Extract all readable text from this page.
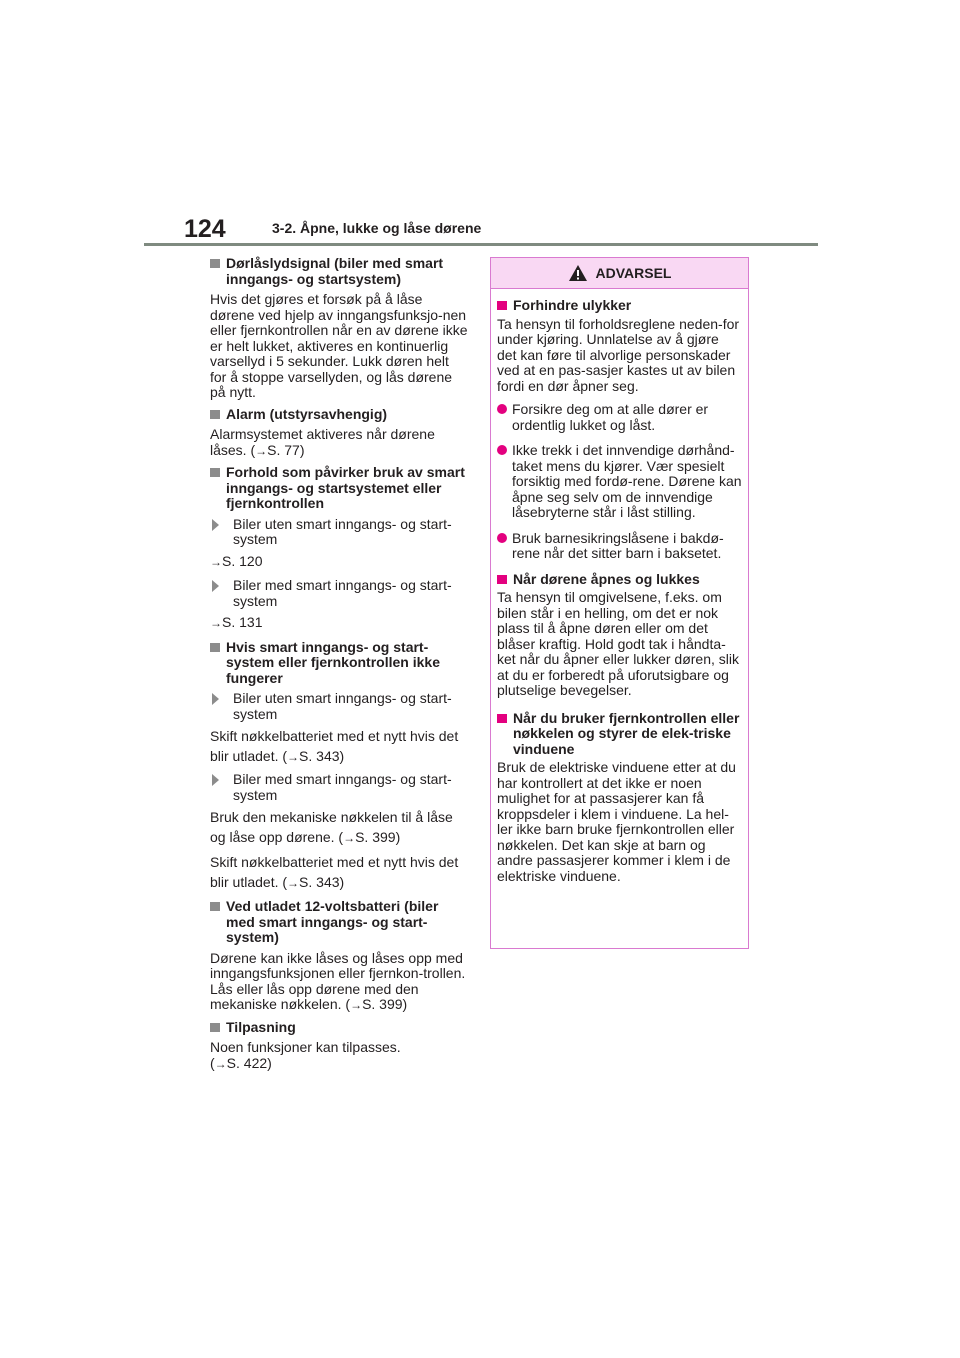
124	3-2. Åpne, lukke og låse dørene
Dørlåslydsignal (biler med smart inngangs- og startsystem)

Hvis det gjøres et forsøk på å låse dørene ved hjelp av inngangsfunksjo-nen eller fjernkontrollen når en av dørene ikke er helt lukket, aktiveres en kontinuerlig varsellyd i 5 sekunder. Lukk døren helt for å stoppe varsellyden, og lås dørene på nytt.

Alarm (utstyrsavhengig)

Alarmsystemet aktiveres når dørene låses. (→S. 77)

Forhold som påvirker bruk av smart inngangs- og startsystemet eller fjernkontrollen
Biler uten smart inngangs- og start-system
→S. 120
Biler med smart inngangs- og start-system
→S. 131
Hvis smart inngangs- og start-system eller fjernkontrollen ikke fungerer
Biler uten smart inngangs- og start-system

Skift nøkkelbatteriet med et nytt hvis det blir utladet. (→S. 343)

Biler med smart inngangs- og start-system

Bruk den mekaniske nøkkelen til å låse og låse opp dørene. (→S. 399)

Skift nøkkelbatteriet med et nytt hvis det blir utladet. (→S. 343)

Ved utladet 12-voltsbatteri (biler med smart inngangs- og start-system)

Dørene kan ikke låses og låses opp med inngangsfunksjonen eller fjernkon-trollen. Lås eller lås opp dørene med den mekaniske nøkkelen. (→S. 399)

Tilpasning

Noen funksjoner kan tilpasses.
(→S. 422)

ADVARSEL
Forhindre ulykker

Ta hensyn til forholdsreglene neden-for under kjøring. Unnlatelse av å gjøre det kan føre til alvorlige personskader ved at en pas-sasjer kastes ut av bilen fordi en dør åpner seg.

Forsikre deg om at alle dører er ordentlig lukket og låst.
Ikke trekk i det innvendige dørhånd-taket mens du kjører. Vær spesielt forsiktig med fordø-rene. Dørene kan åpne seg selv om de innvendige låsebryterne står i låst stilling.
Bruk barnesikringslåsene i bakdø-rene når det sitter barn i baksetet.
Når dørene åpnes og lukkes

Ta hensyn til omgivelsene, f.eks. om bilen står i en helling, om det er nok plass til å åpne døren eller om det blåser kraftig. Hold godt tak i håndta-ket når du åpner eller lukker døren, slik at du er forberedt på uforutsigbare og plutselige bevegelser.

Når du bruker fjernkontrollen eller nøkkelen og styrer de elek-triske vinduene

Bruk de elektriske vinduene etter at du har kontrollert at det ikke er noen mulighet for at passasjerer kan få kroppsdeler i klem i vinduene. La hel-ler ikke barn bruke fjernkontrollen eller nøkkelen. Det kan skje at barn og andre passasjerer kommer i klem i de elektriske vinduene.
